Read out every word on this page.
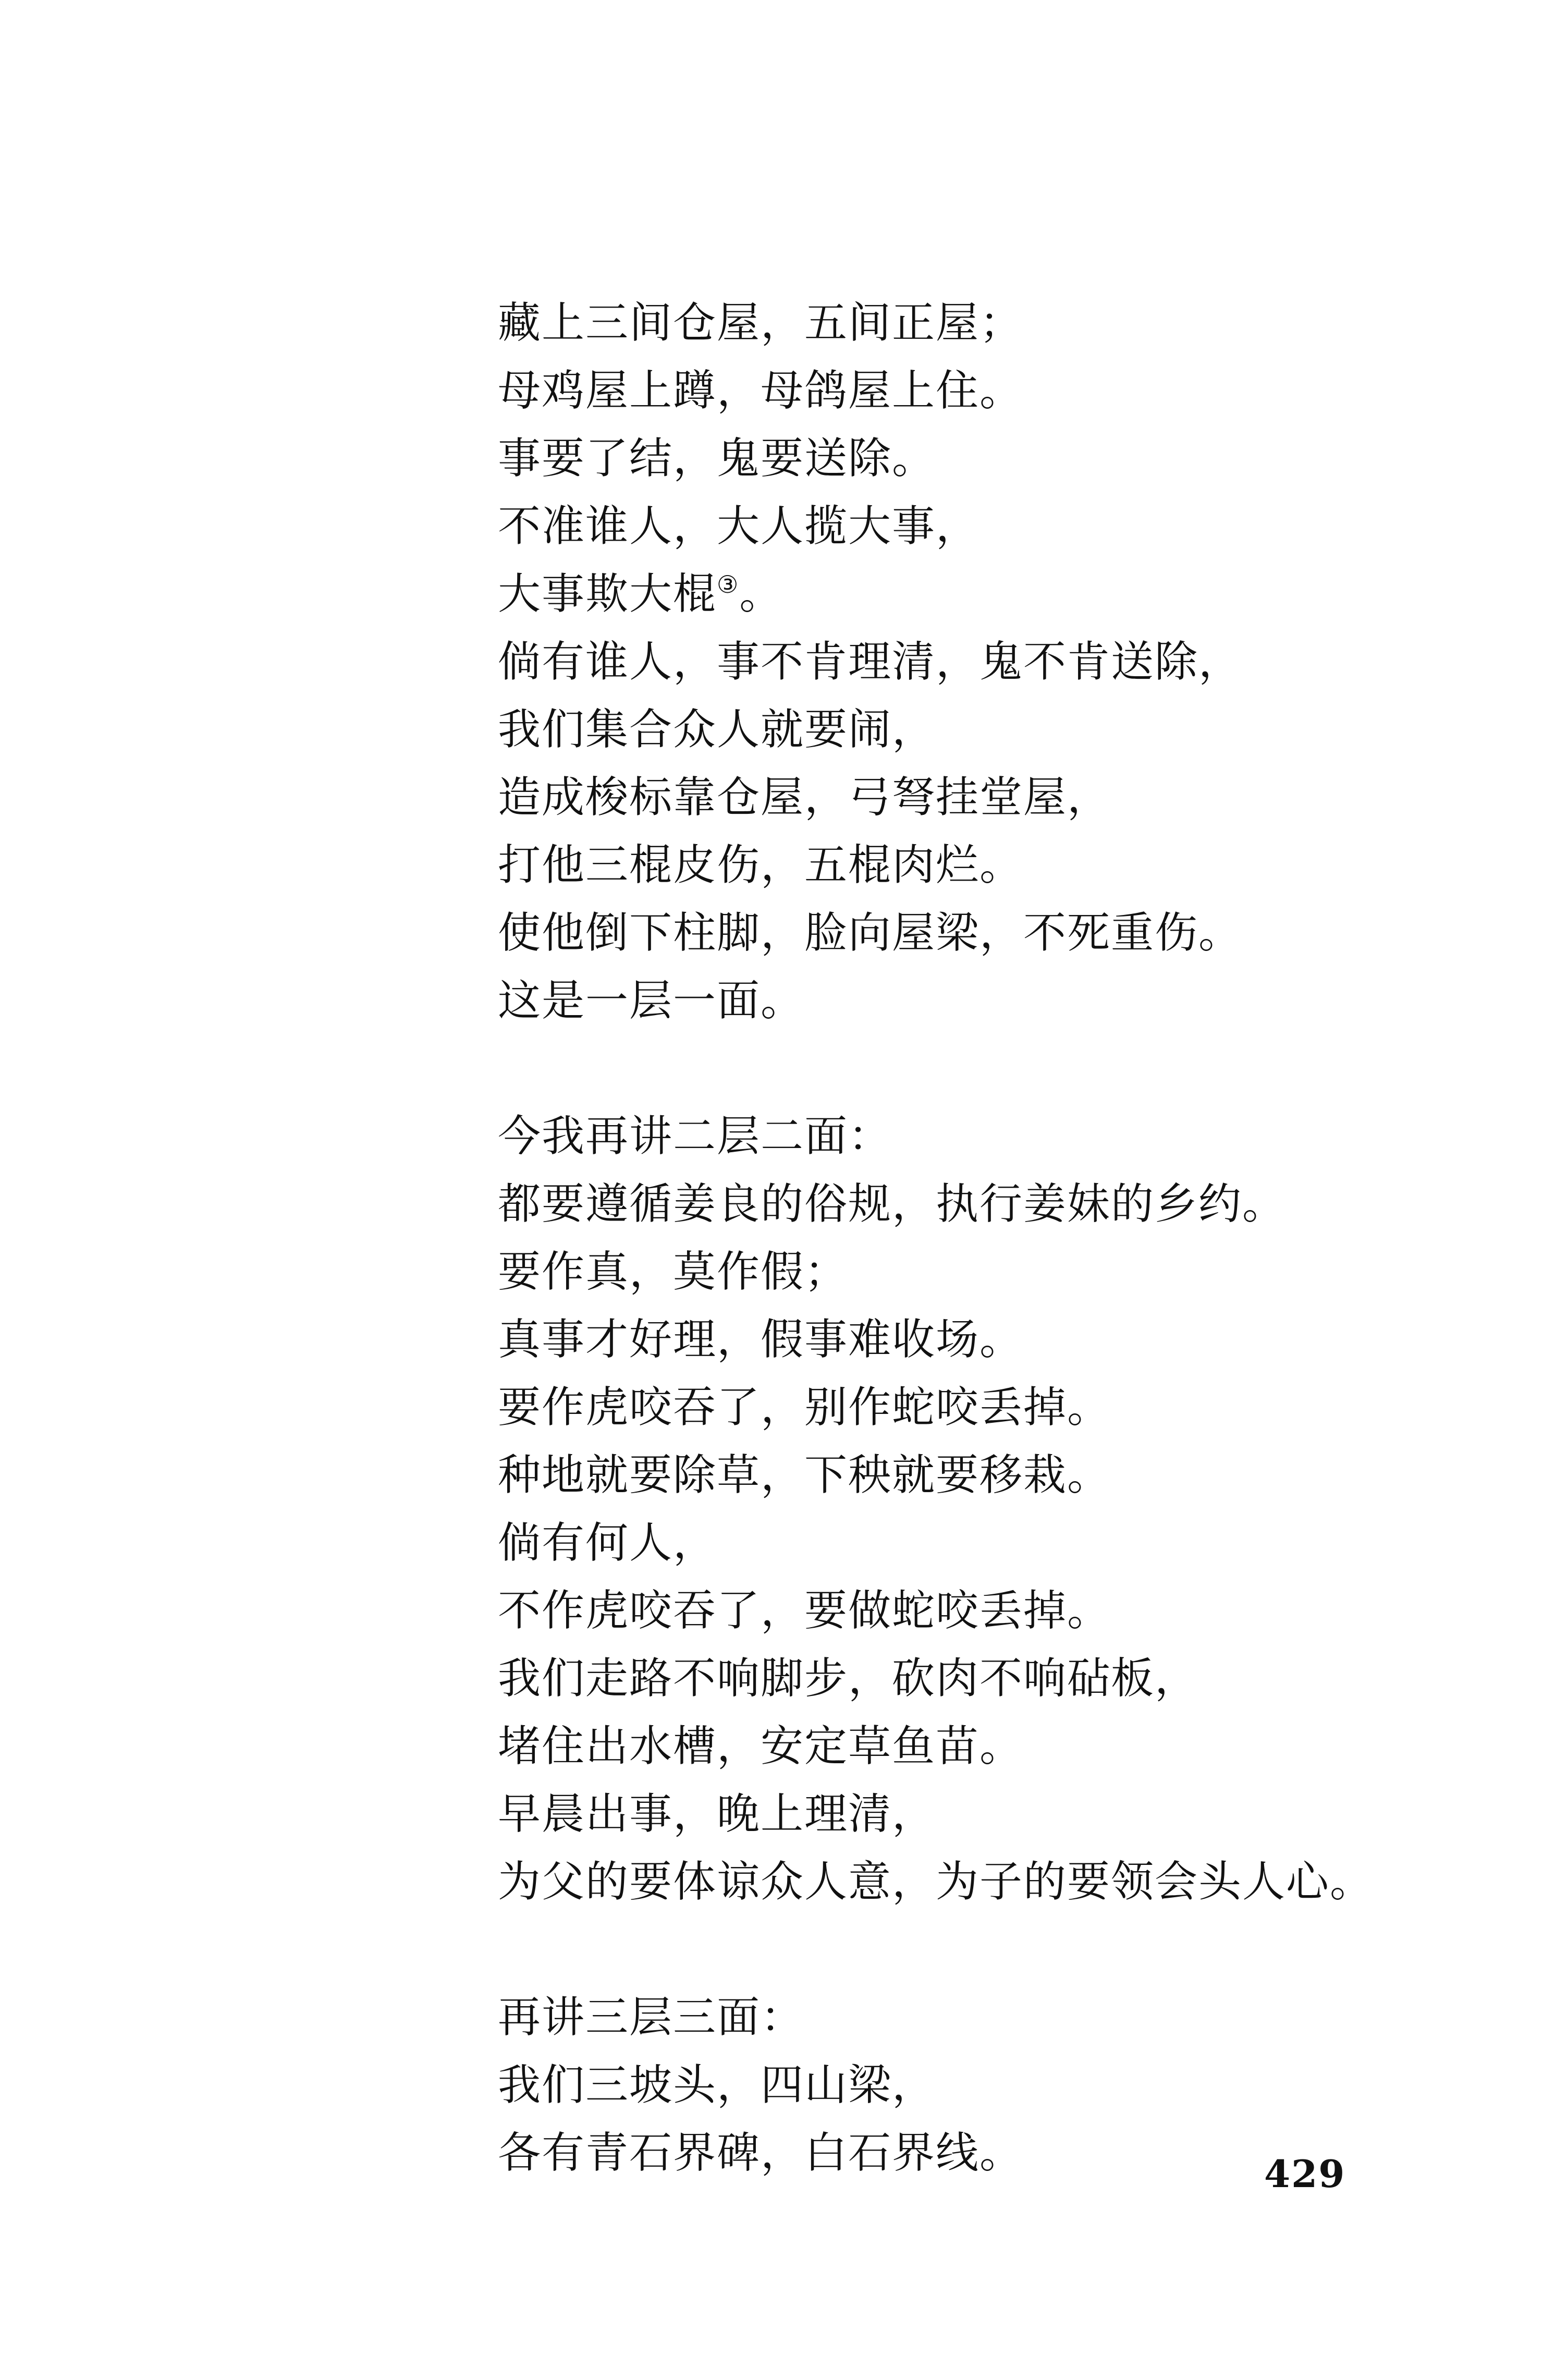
藏上三间仓屋，五间正屋；
母鸡屋上蹲，母鸽屋上住。
事要了结，鬼要送除。
不准谁人，大人揽大事，
大事欺大棍③。
倘有谁人，事不肯理清，鬼不肯送除，
我们集合众人就要闹，
造成梭标靠仓屋，弓弩挂堂屋，
打他三棍皮伤，五棍肉烂。
使他倒下柱脚，脸向屋梁，不死重伤。
这是一层一面。
今我再讲二层二面：
都要遵循姜良的俗规，执行姜妹的乡约。
要作真，莫作假；
真事才好理，假事难收场。
要作虎咬吞了，别作蛇咬丢掉。
种地就要除草，下秧就要移栽。
倘有何人，
不作虎咬吞了，要做蛇咬丢掉。
我们走路不响脚步，砍肉不响砧板，
堵住出水槽，安定草鱼苗。
早晨出事，晚上理清，
为父的要体谅众人意，为子的要领会头人心。
再讲三层三面：
我们三坡头，四山梁，
各有青石界碑，白石界线。	429
